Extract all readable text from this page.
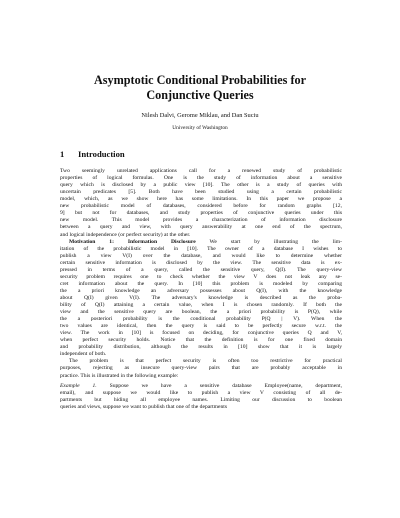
Asymptotic Conditional Probabilities for
Conjunctive Queries
Nilesh Dalvi, Gerome Miklau, and Dan Suciu
University of Washington
1 Introduction
Two seemingly unrelated applications call for a renewed study of probabilistic
properties of logical formulas. One is the study of information about a sensitive
query which is disclosed by a public view [10]. The other is a study of queries with
uncertain predicates [5]. Both have been studied using a certain probabilistic
model, which, as we show here has some limitations. In this paper we propose a
new probabilistic model of databases, considered before for random graphs [12,
9] but not for databases, and study properties of conjunctive queries under this
new model. This model provides a characterization of information disclosure
between a query and view, with query answerability at one end of the spectrum,
and logical independence (or perfect security) at the other.
Motivation 1: Information Disclosure We start by illustrating the lim-
itation of the probabilistic model in [10]. The owner of a database I wishes to
publish a view V(I) over the database, and would like to determine whether
certain sensitive information is disclosed by the view. The sensitive data is ex-
pressed in terms of a query, called the sensitive query, Q(I). The query-view
security problem requires one to check whether the view V does not leak any se-
cret information about the query. In [10] this problem is modeled by comparing
the a priori knowledge an adversary possesses about Q(I), with the knowledge
about Q(I) given V(I). The adversary's knowledge is described as the proba-
bility of Q(I) attaining a certain value, when I is chosen randomly. If both the
view and the sensitive query are boolean, the a priori probability is P(Q), while
the a posteriori probability is the conditional probability P(Q | V). When the
two values are identical, then the query is said to be perfectly secure w.r.t. the
view. The work in [10] is focused on deciding, for conjunctive queries Q and V,
when perfect security holds. Notice that the definition is for one fixed domain
and probability distribution, although the results in [10] show that it is largely
independent of both.
The problem is that perfect security is often too restrictive for practical
purposes, rejecting as insecure query-view pairs that are probably acceptable in
practice. This is illustrated in the following example:
Example 1. Suppose we have a sensitive database Employee(name, department,
email), and suppose we would like to publish a view V consisting of all de-
partments but hiding all employee names. Limiting our discussion to boolean
queries and views, suppose we want to publish that one of the departments
